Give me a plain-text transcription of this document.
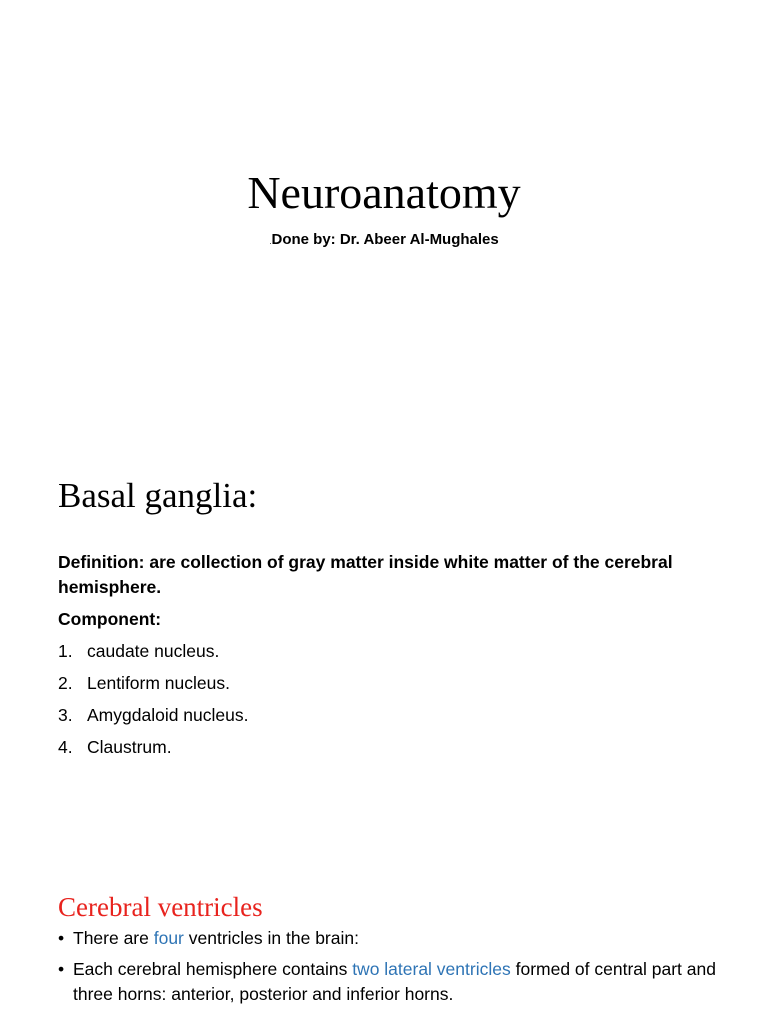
Neuroanatomy
.Done by: Dr. Abeer Al-Mughales
Basal ganglia:
Definition: are collection of gray matter inside white matter of the cerebral hemisphere.
Component:
1. caudate nucleus.
2. Lentiform nucleus.
3. Amygdaloid nucleus.
4. Claustrum.
Cerebral ventricles
• There are four ventricles in the brain:
• Each cerebral hemisphere contains two lateral ventricles formed of central part and three horns: anterior, posterior and inferior horns.
